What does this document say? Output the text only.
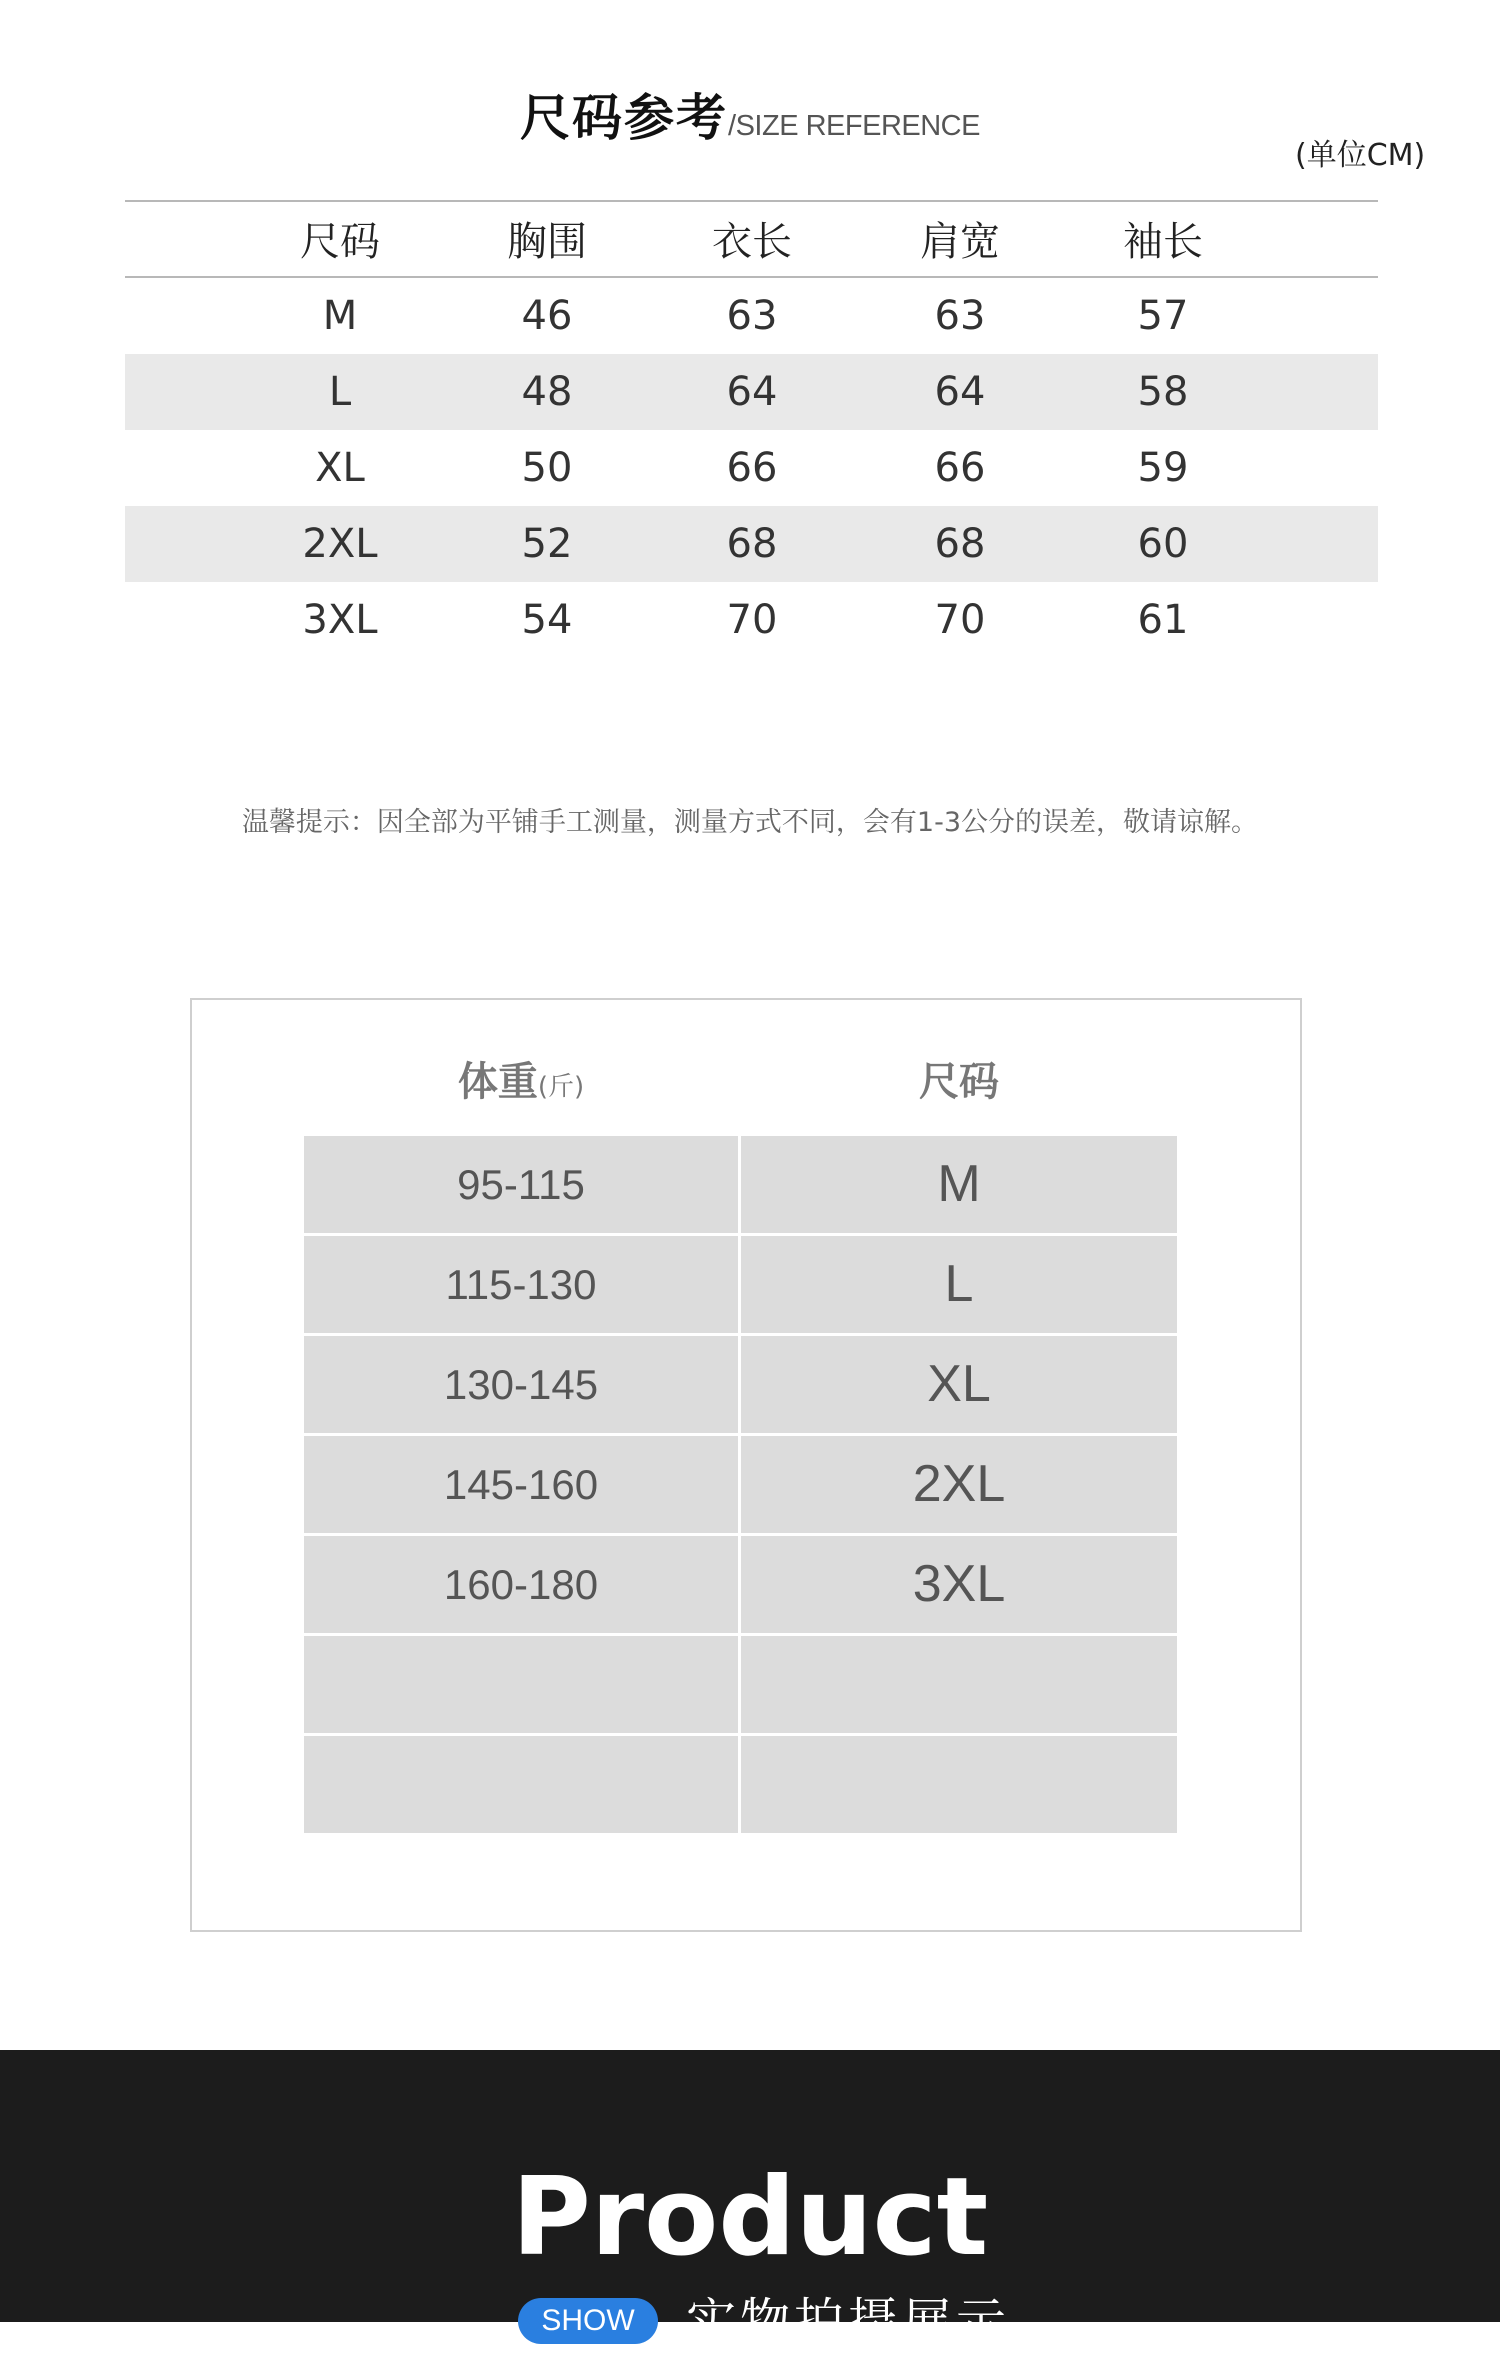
尺码参考/SIZE REFERENCE
(单位CM)
尺码	胸围	衣长	肩宽	袖长
M	46	63	63	57
L	48	64	64	58
XL	50	66	66	59
2XL	52	68	68	60
3XL	54	70	70	61
温馨提示：因全部为平铺手工测量，测量方式不同，会有1-3公分的误差，敬请谅解。
体重(斤)	尺码
95-115	M
115-130	L
130-145	XL
145-160	2XL
160-180	3XL
Product
SHOW	实物拍摄展示
